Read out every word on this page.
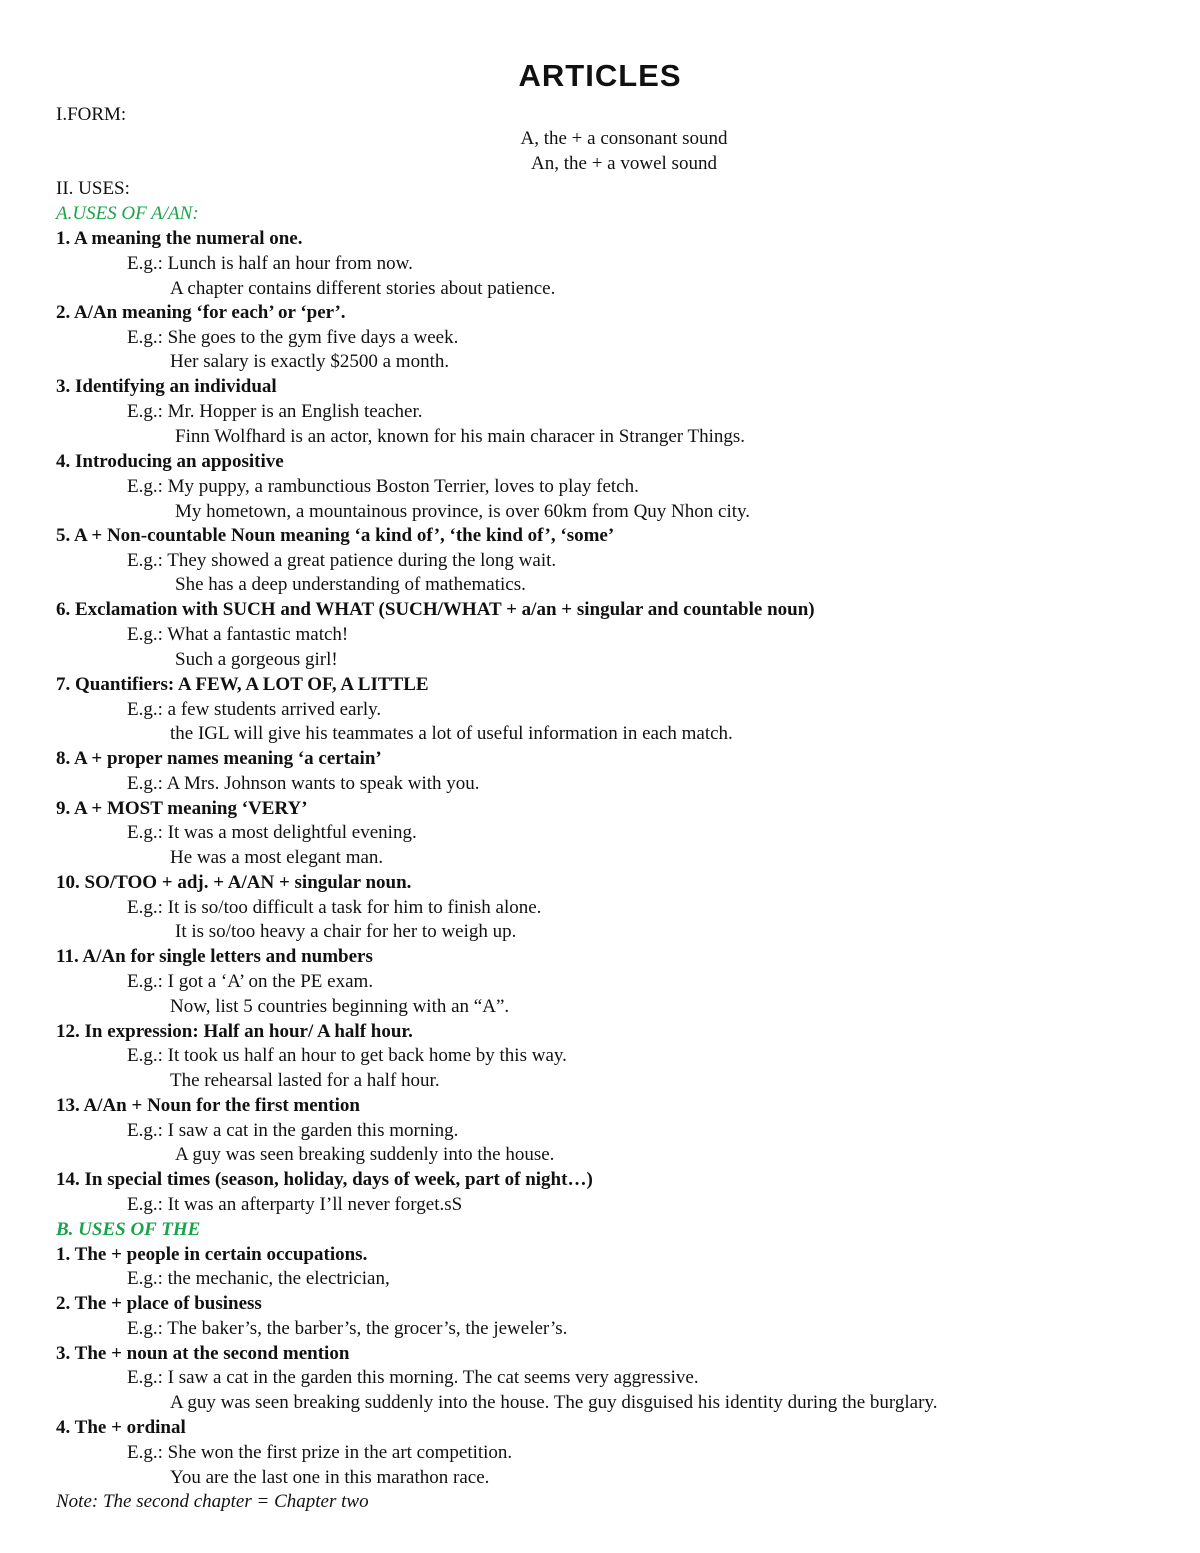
ARTICLES
I.FORM:
A, the + a consonant sound
An, the + a vowel sound
II. USES:
A.USES OF A/AN:
1. A meaning the numeral one.
E.g.: Lunch is half an hour from now.
A chapter contains different stories about patience.
2. A/An meaning ‘for each’ or ‘per’.
E.g.: She goes to the gym five days a week.
Her salary is exactly $2500 a month.
3. Identifying an individual
E.g.: Mr. Hopper is an English teacher.
Finn Wolfhard is an actor, known for his main characer in Stranger Things.
4. Introducing an appositive
E.g.: My puppy, a rambunctious Boston Terrier, loves to play fetch.
My hometown, a mountainous province, is over 60km from Quy Nhon city.
5. A + Non-countable Noun meaning ‘a kind of’, ‘the kind of’, ‘some’
E.g.: They showed a great patience during the long wait.
She has a deep understanding of mathematics.
6. Exclamation with SUCH and WHAT (SUCH/WHAT + a/an + singular and countable noun)
E.g.: What a fantastic match!
Such a gorgeous girl!
7. Quantifiers: A FEW, A LOT OF, A LITTLE
E.g.: a few students arrived early.
the IGL will give his teammates a lot of useful information in each match.
8. A + proper names meaning ‘a certain’
E.g.: A Mrs. Johnson wants to speak with you.
9. A + MOST meaning ‘VERY’
E.g.: It was a most delightful evening.
He was a most elegant man.
10. SO/TOO + adj. + A/AN + singular noun.
E.g.: It is so/too difficult a task for him to finish alone.
It is so/too heavy a chair for her to weigh up.
11. A/An for single letters and numbers
E.g.: I got a ‘A’ on the PE exam.
Now, list 5 countries beginning with an “A”.
12. In expression: Half an hour/ A half hour.
E.g.: It took us half an hour to get back home by this way.
The rehearsal lasted for a half hour.
13. A/An + Noun for the first mention
E.g.: I saw a cat in the garden this morning.
A guy was seen breaking suddenly into the house.
14. In special times (season, holiday, days of week, part of night…)
E.g.: It was an afterparty I’ll never forget.sS
B. USES OF THE
1. The + people in certain occupations.
E.g.: the mechanic, the electrician,
2. The + place of business
E.g.: The baker’s, the barber’s, the grocer’s, the jeweler’s.
3. The + noun at the second mention
E.g.: I saw a cat in the garden this morning. The cat seems very aggressive.
A guy was seen breaking suddenly into the house. The guy disguised his identity during the burglary.
4. The + ordinal
E.g.: She won the first prize in the art competition.
You are the last one in this marathon race.
Note: The second chapter = Chapter two
